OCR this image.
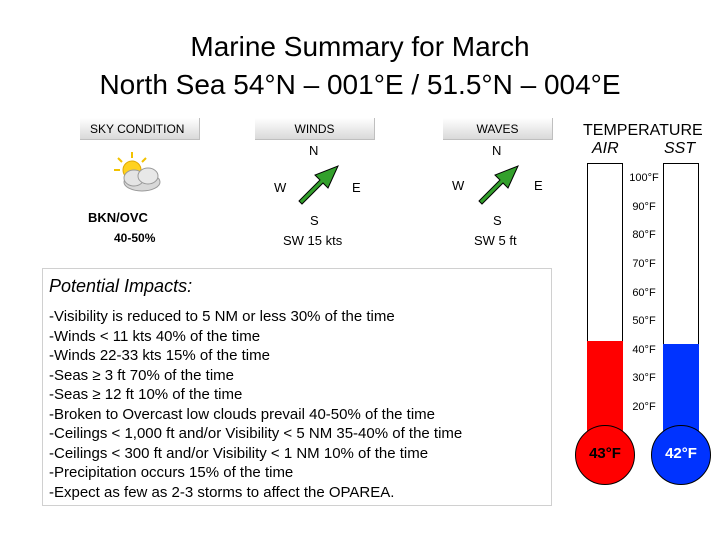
Marine Summary for March
North Sea 54°N – 001°E / 51.5°N – 004°E
SKY CONDITION
BKN/OVC
40-50%
WINDS
N
W	E
S
SW 15 kts
WAVES
N
W	E
S
SW 5 ft
TEMPERATURE
AIR	SST
43°F	42°F
100°F
90°F
80°F
70°F
60°F
50°F
40°F
30°F
20°F
Potential Impacts:
-Visibility is reduced to 5 NM or less 30% of the time
-Winds < 11 kts 40% of the time
-Winds 22-33 kts 15% of the time
-Seas ≥ 3 ft 70% of the time
-Seas ≥ 12 ft 10% of the time
-Broken to Overcast low clouds prevail 40-50% of the time
-Ceilings < 1,000 ft and/or Visibility < 5 NM 35-40% of the time
-Ceilings < 300 ft and/or Visibility < 1 NM 10% of the time
-Precipitation occurs 15% of the time
-Expect as few as 2-3 storms to affect the OPAREA.
